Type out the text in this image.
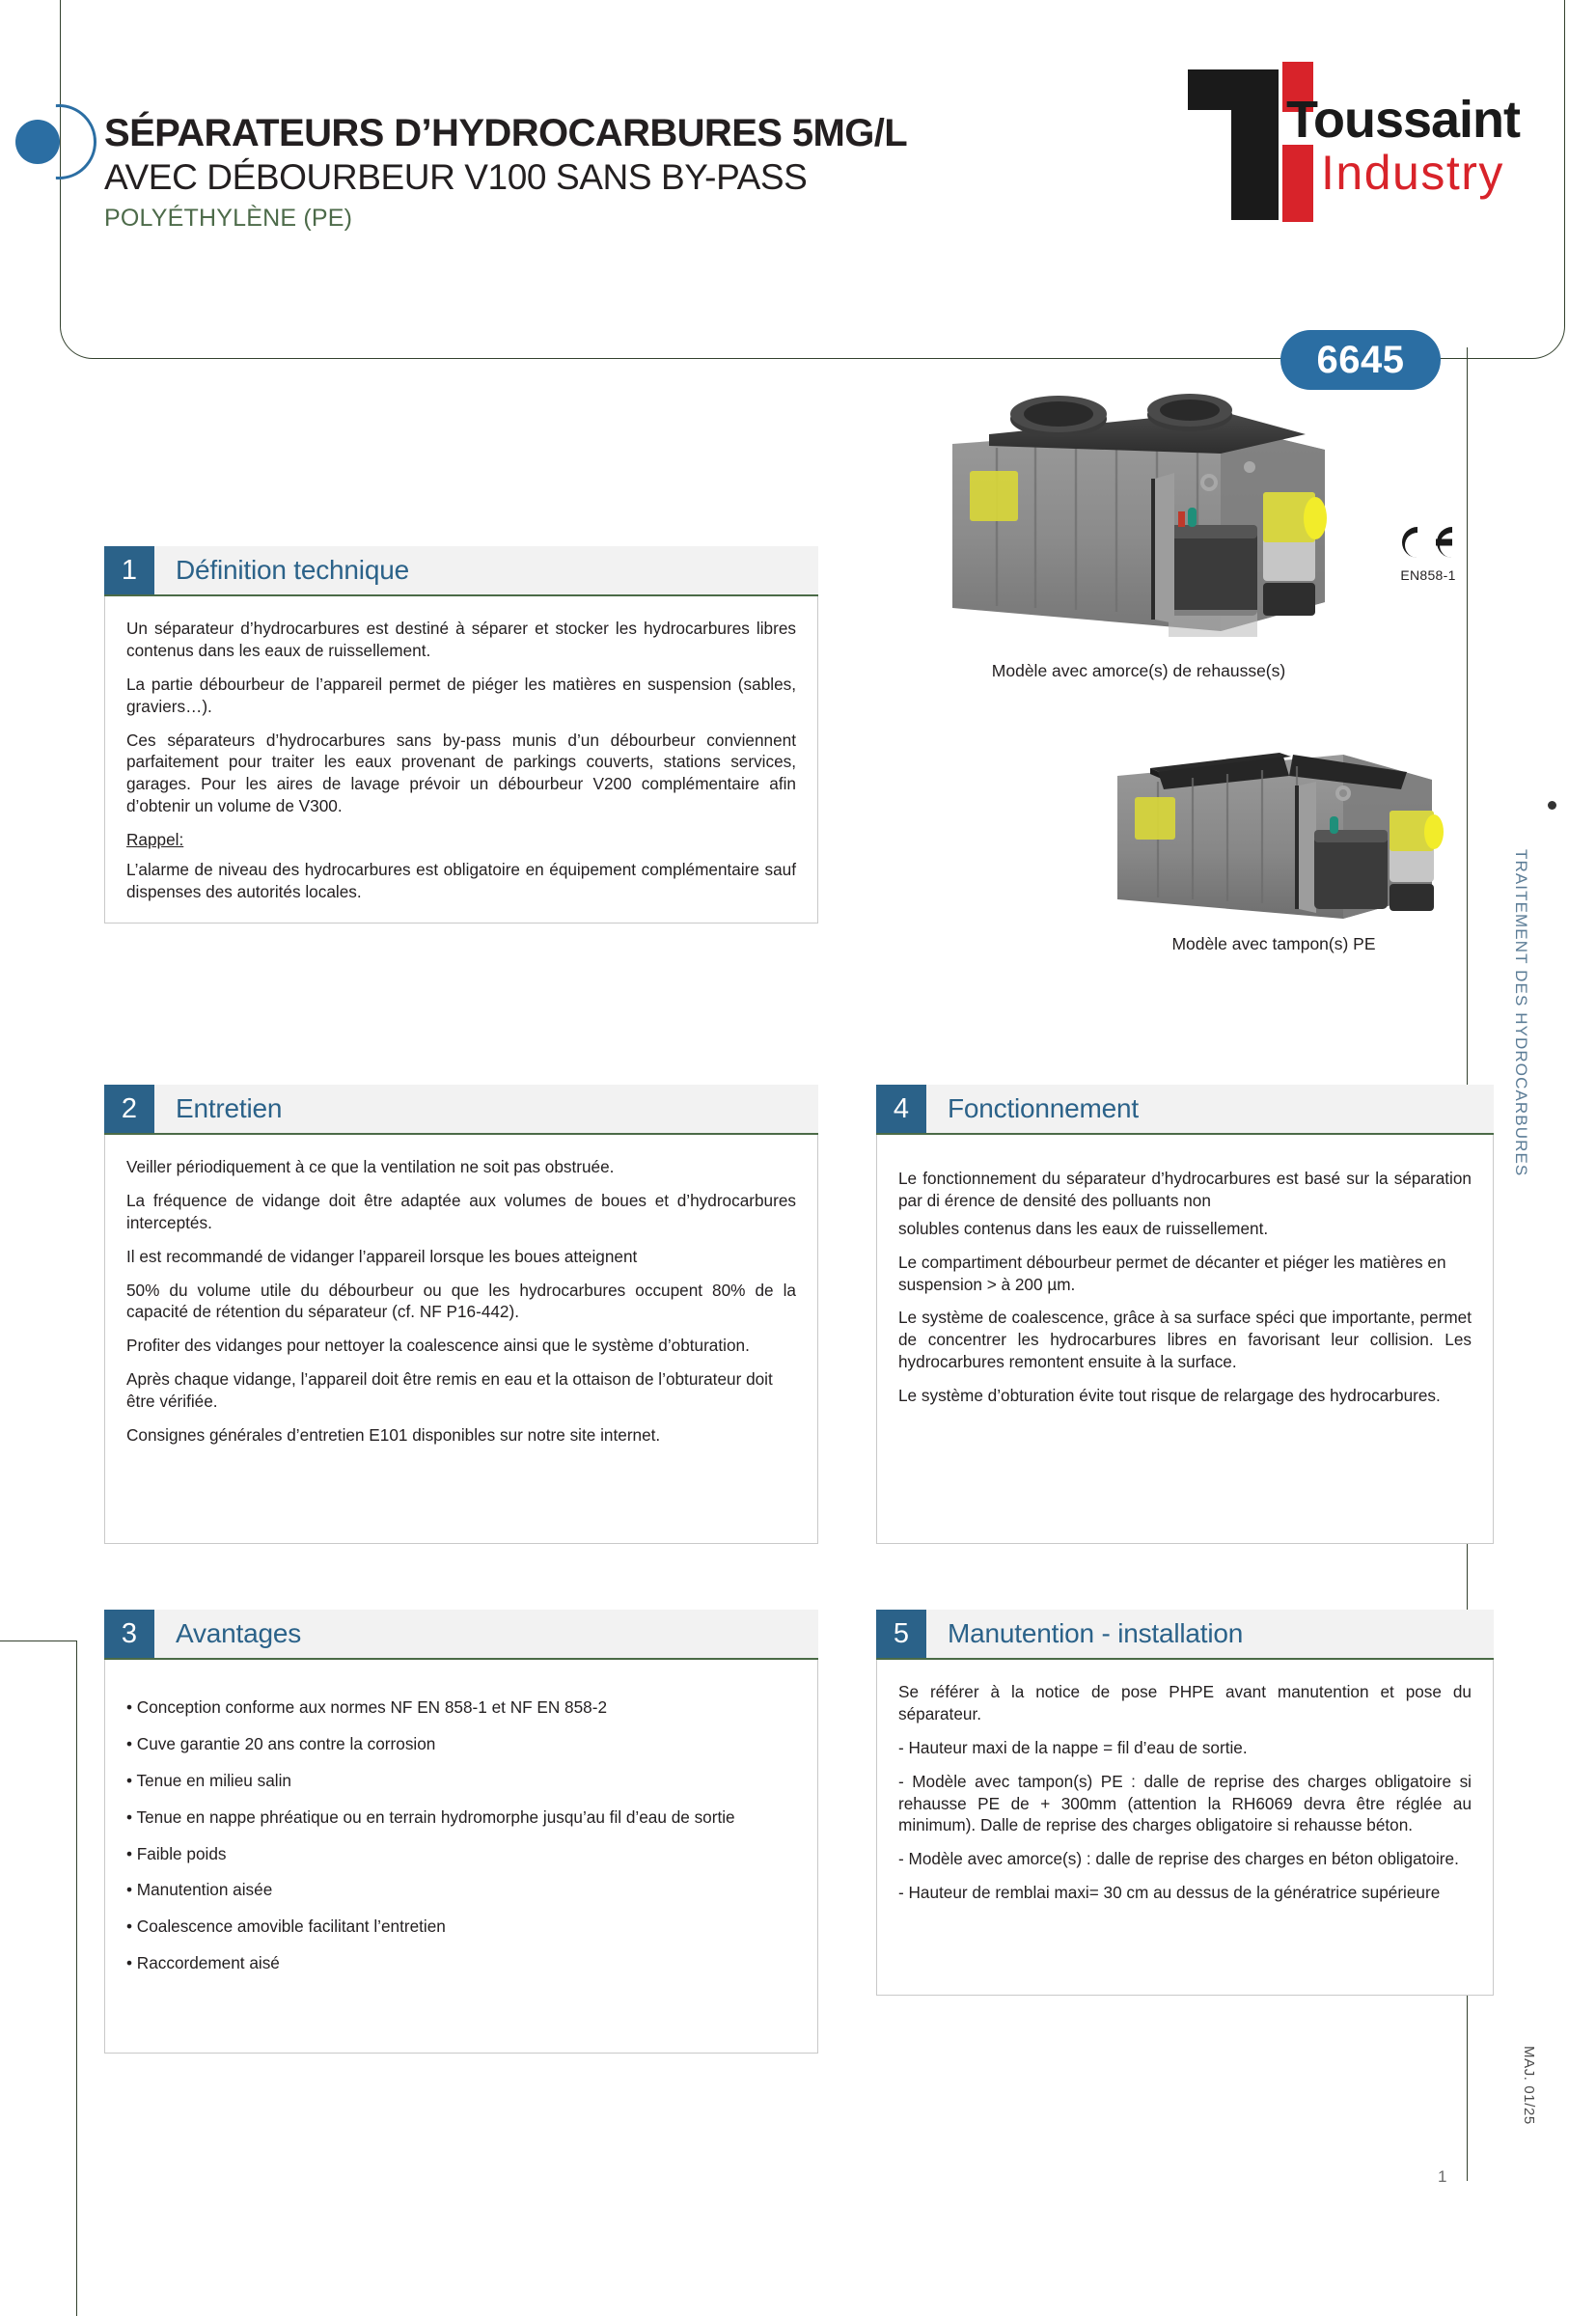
SÉPARATEURS D’HYDROCARBURES 5MG/L
AVEC DÉBOURBEUR V100 SANS BY-PASS
POLYÉTHYLÈNE (PE)
Toussaint
Industry
6645
EN858-1
TRAITEMENT DES HYDROCARBURES
MAJ. 01/25
1
Modèle avec amorce(s) de rehausse(s)
Modèle avec tampon(s) PE
1	Définition technique

Un séparateur d’hydrocarbures est destiné à séparer et stocker les hydrocarbures libres contenus dans les eaux de ruissellement.

La partie débourbeur de l’appareil permet de piéger les matières en suspension (sables, graviers…).

Ces séparateurs d’hydrocarbures sans by-pass munis d’un débourbeur conviennent parfaitement pour traiter les eaux provenant de parkings couverts, stations services, garages. Pour les aires de lavage prévoir un débourbeur V200 complémentaire afin d’obtenir un volume de V300.

Rappel:

L’alarme de niveau des hydrocarbures est obligatoire en équipement complémentaire sauf dispenses des autorités locales.

2	Entretien

Veiller périodiquement à ce que la ventilation ne soit pas obstruée.

La fréquence de vidange doit être adaptée aux volumes de boues et d’hydrocarbures interceptés.

Il est recommandé de vidanger l’appareil lorsque les boues atteignent

50% du volume utile du débourbeur ou que les hydrocarbures occupent 80% de la capacité de rétention du séparateur (cf. NF P16-442).

Profiter des vidanges pour nettoyer la coalescence ainsi que le système d’obturation.

Après chaque vidange, l’appareil doit être remis en eau et la ottaison de l’obturateur doit être vérifiée.

Consignes générales d’entretien E101 disponibles sur notre site internet.

4	Fonctionnement

Le fonctionnement du séparateur d’hydrocarbures est basé sur la séparation par di érence de densité des polluants non

solubles contenus dans les eaux de ruissellement.

Le compartiment débourbeur permet de décanter et piéger les matières en suspension > à 200 µm.

Le système de coalescence, grâce à sa surface spéci que importante, permet de concentrer les hydrocarbures libres en favorisant leur collision. Les hydrocarbures remontent ensuite à la surface.

Le système d’obturation évite tout risque de relargage des hydrocarbures.

3	Avantages
• Conception conforme aux normes NF EN 858-1 et NF EN 858-2
• Cuve garantie 20 ans contre la corrosion
• Tenue en milieu salin
• Tenue en nappe phréatique ou en terrain hydromorphe jusqu’au fil d’eau de sortie
• Faible poids
• Manutention aisée
• Coalescence amovible facilitant l’entretien
• Raccordement aisé
5	Manutention - installation

Se référer à la notice de pose PHPE avant manutention et pose du séparateur.

- Hauteur maxi de la nappe = fil d’eau de sortie.

- Modèle avec tampon(s) PE : dalle de reprise des charges obligatoire si rehausse PE de + 300mm (attention la RH6069 devra être réglée au minimum). Dalle de reprise des charges obligatoire si rehausse béton.

- Modèle avec amorce(s) : dalle de reprise des charges en béton obligatoire.

- Hauteur de remblai maxi= 30 cm au dessus de la génératrice supérieure
